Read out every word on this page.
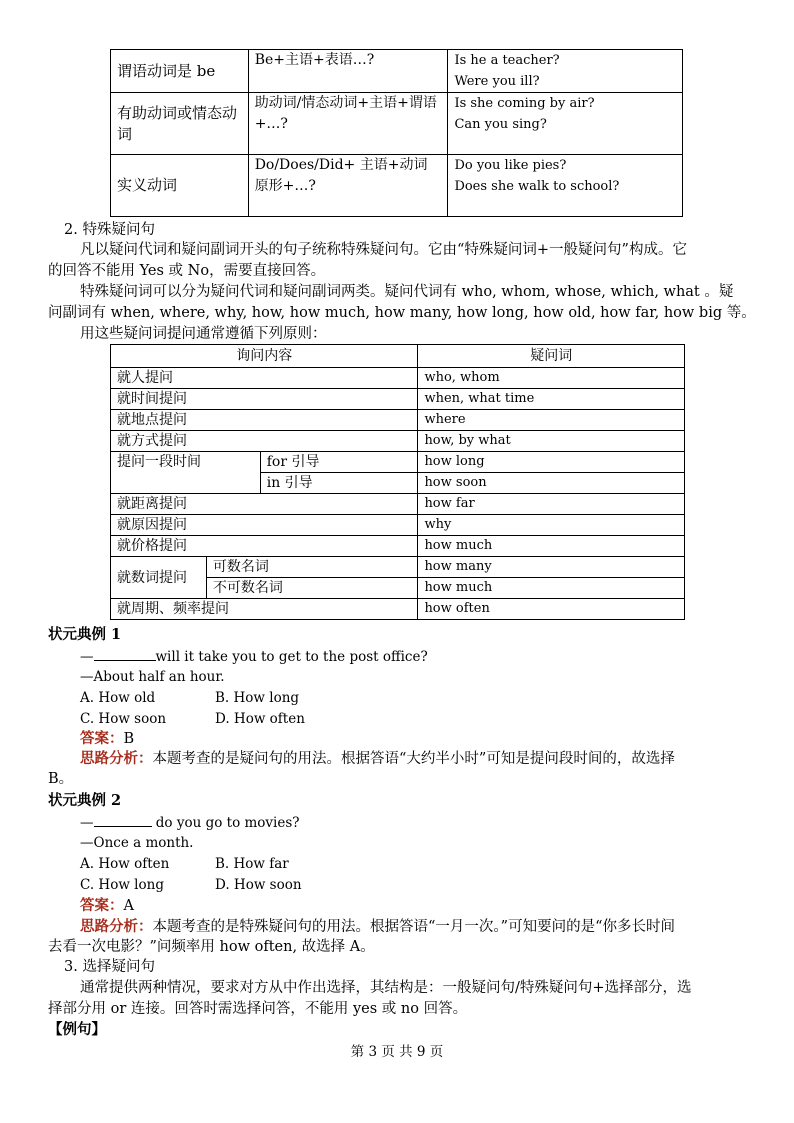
谓语动词是 be	Be+主语+表语…?	Is he a teacher?
Were you ill?

有助动词或情态动词	助动词/情态动词+主语+谓语+…?	Is she coming by air?
Can you sing?

实义动词	Do/Does/Did+ 主语+动词原形+…?	Do you like pies?
Does she walk to school?
2. 特殊疑问句
凡以疑问代词和疑问副词开头的句子统称特殊疑问句。它由“特殊疑问词+一般疑问句”构成。它
的回答不能用 Yes 或 No，需要直接回答。
特殊疑问词可以分为疑问代词和疑问副词两类。疑问代词有 who, whom, whose, which, what 。疑
问副词有 when, where, why, how, how much, how many, how long, how old, how far, how big 等。
用这些疑问词提问通常遵循下列原则：
询问内容			疑问词
就人提问			who, whom
就时间提问			when, what time
就地点提问			where
就方式提问			how, by what
提问一段时间		for 引导	how long
		in 引导	how soon
就距离提问			how far
就原因提问			why
就价格提问			how much
就数词提问	可数名词		how many
	不可数名词		how much
就周期、频率提问			how often
状元典例 1
—	will it take you to get to the post office?
—About half an hour.
A. How old	B. How long
C. How soon	D. How often
答案：B
思路分析：本题考查的是疑问句的用法。根据答语“大约半小时”可知是提问段时间的，故选择
B。
状元典例 2
—	do you go to movies?
—Once a month.
A. How often	B. How far
C. How long	D. How soon
答案：A
思路分析：本题考查的是特殊疑问句的用法。根据答语“一月一次。”可知要问的是“你多长时间
去看一次电影？”问频率用 how often, 故选择 A。
3. 选择疑问句
通常提供两种情况，要求对方从中作出选择，其结构是：一般疑问句/特殊疑问句+选择部分，选
择部分用 or 连接。回答时需选择问答，不能用 yes 或 no 回答。
【例句】
第 3 页 共 9 页
